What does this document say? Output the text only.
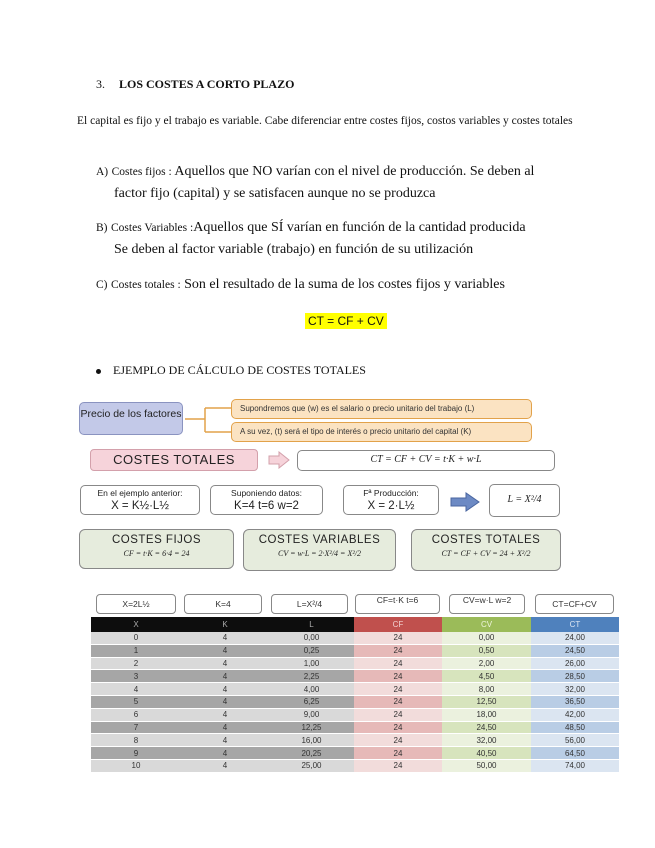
3. LOS COSTES A CORTO PLAZO
El capital es fijo y el trabajo es variable. Cabe diferenciar entre costes fijos, costos variables y costes totales
A) Costes fijos : Aquellos que NO varían con el nivel de producción. Se deben al
factor fijo (capital) y se satisfacen aunque no se produzca
B) Costes Variables :Aquellos que SÍ varían en función de la cantidad producida
Se deben al factor variable (trabajo) en función de su utilización
C) Costes totales : Son el resultado de la suma de los costes fijos y variables
CT = CF + CV
EJEMPLO DE CÁLCULO DE COSTES TOTALES
Precio de los factores	Supondremos que (w) es el salario o precio unitario del trabajo (L)
A su vez, (t) será el tipo de interés o precio unitario del capital (K)
COSTES TOTALES	CT = CF + CV = t·K + w·L
En el ejemplo anterior:
X = K½·L½
Suponiendo datos:
K=4 t=6 w=2
Fª Producción:
X = 2·L½
L = X²/4
COSTES FIJOS
CF = t·K = 6·4 = 24
COSTES VARIABLES
CV = w·L = 2·X²/4 = X²/2
COSTES TOTALES
CT = CF + CV = 24 + X²/2
X=2L½	K=4	L=X²/4	CF=t·K t=6	CV=w·L w=2	CT=CF+CV
X	K	L	CF	CV	CT
0	4	0,00	24	0,00	24,00
1	4	0,25	24	0,50	24,50
2	4	1,00	24	2,00	26,00
3	4	2,25	24	4,50	28,50
4	4	4,00	24	8,00	32,00
5	4	6,25	24	12,50	36,50
6	4	9,00	24	18,00	42,00
7	4	12,25	24	24,50	48,50
8	4	16,00	24	32,00	56,00
9	4	20,25	24	40,50	64,50
10	4	25,00	24	50,00	74,00
